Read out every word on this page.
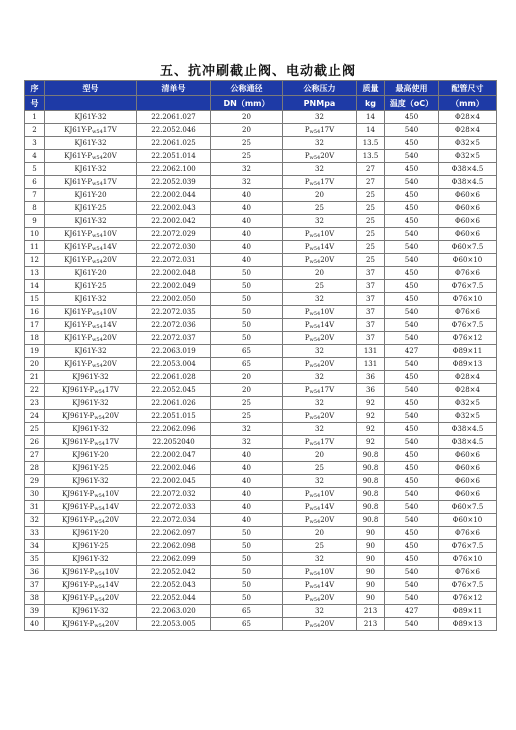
五、抗冲刷截止阀、电动截止阀
序	型号	清单号	公称通径	公称压力	质量	最高使用	配管尺寸
号			DN（mm）	PNMpa	kg	温度（oC）	（mm）
1	KJ61Y-32	22.2061.027	20	32	14	450	Φ28×4
2	$KJ61Y-P_{w54}17V$	22.2052.046	20	$P_{w54}17V$	14	540	Φ28×4
3	KJ61Y-32	22.2061.025	25	32	13.5	450	Φ32×5
4	$KJ61Y-P_{w54}20V$	22.2051.014	25	$P_{w54}20V$	13.5	540	Φ32×5
5	KJ61Y-32	22.2062.100	32	32	27	450	Φ38×4.5
6	$KJ61Y-P_{w54}17V$	22.2052.039	32	$P_{w54}17V$	27	540	Φ38×4.5
7	KJ61Y-20	22.2002.044	40	20	25	450	Φ60×6
8	KJ61Y-25	22.2002.043	40	25	25	450	Φ60×6
9	KJ61Y-32	22.2002.042	40	32	25	450	Φ60×6
10	$KJ61Y-P_{w54}10V$	22.2072.029	40	$P_{w54}10V$	25	540	Φ60×6
11	$KJ61Y-P_{w54}14V$	22.2072.030	40	$P_{w54}14V$	25	540	Φ60×7.5
12	$KJ61Y-P_{w54}20V$	22.2072.031	40	$P_{w54}20V$	25	540	Φ60×10
13	KJ61Y-20	22.2002.048	50	20	37	450	Φ76×6
14	KJ61Y-25	22.2002.049	50	25	37	450	Φ76×7.5
15	KJ61Y-32	22.2002.050	50	32	37	450	Φ76×10
16	$KJ61Y-P_{w54}10V$	22.2072.035	50	$P_{w54}10V$	37	540	Φ76×6
17	$KJ61Y-P_{w54}14V$	22.2072.036	50	$P_{w54}14V$	37	540	Φ76×7.5
18	$KJ61Y-P_{w54}20V$	22.2072.037	50	$P_{w54}20V$	37	540	Φ76×12
19	KJ61Y-32	22.2063.019	65	32	131	427	Φ89×11
20	$KJ61Y-P_{w54}20V$	22.2053.004	65	$P_{w54}20V$	131	540	Φ89×13
21	KJ961Y-32	22.2061.028	20	32	36	450	Φ28×4
22	$KJ961Y-P_{w54}17V$	22.2052.045	20	$P_{w54}17V$	36	540	Φ28×4
23	KJ961Y-32	22.2061.026	25	32	92	450	Φ32×5
24	$KJ961Y-P_{w54}20V$	22.2051.015	25	$P_{w54}20V$	92	540	Φ32×5
25	KJ961Y-32	22.2062.096	32	32	92	450	Φ38×4.5
26	$KJ961Y-P_{w54}17V$	22.2052040	32	$P_{w54}17V$	92	540	Φ38×4.5
27	KJ961Y-20	22.2002.047	40	20	90.8	450	Φ60×6
28	KJ961Y-25	22.2002.046	40	25	90.8	450	Φ60×6
29	KJ961Y-32	22.2002.045	40	32	90.8	450	Φ60×6
30	$KJ961Y-P_{w54}10V$	22.2072.032	40	$P_{w54}10V$	90.8	540	Φ60×6
31	$KJ961Y-P_{w54}14V$	22.2072.033	40	$P_{w54}14V$	90.8	540	Φ60×7.5
32	$KJ961Y-P_{w54}20V$	22.2072.034	40	$P_{w54}20V$	90.8	540	Φ60×10
33	KJ961Y-20	22.2062.097	50	20	90	450	Φ76×6
34	KJ961Y-25	22.2062.098	50	25	90	450	Φ76×7.5
35	KJ961Y-32	22.2062.099	50	32	90	450	Φ76×10
36	$KJ961Y-P_{w54}10V$	22.2052.042	50	$P_{w54}10V$	90	540	Φ76×6
37	$KJ961Y-P_{w54}14V$	22.2052.043	50	$P_{w54}14V$	90	540	Φ76×7.5
38	$KJ961Y-P_{w54}20V$	22.2052.044	50	$P_{w54}20V$	90	540	Φ76×12
39	KJ961Y-32	22.2063.020	65	32	213	427	Φ89×11
40	$KJ961Y-P_{w54}20V$	22.2053.005	65	$P_{w54}20V$	213	540	Φ89×13
